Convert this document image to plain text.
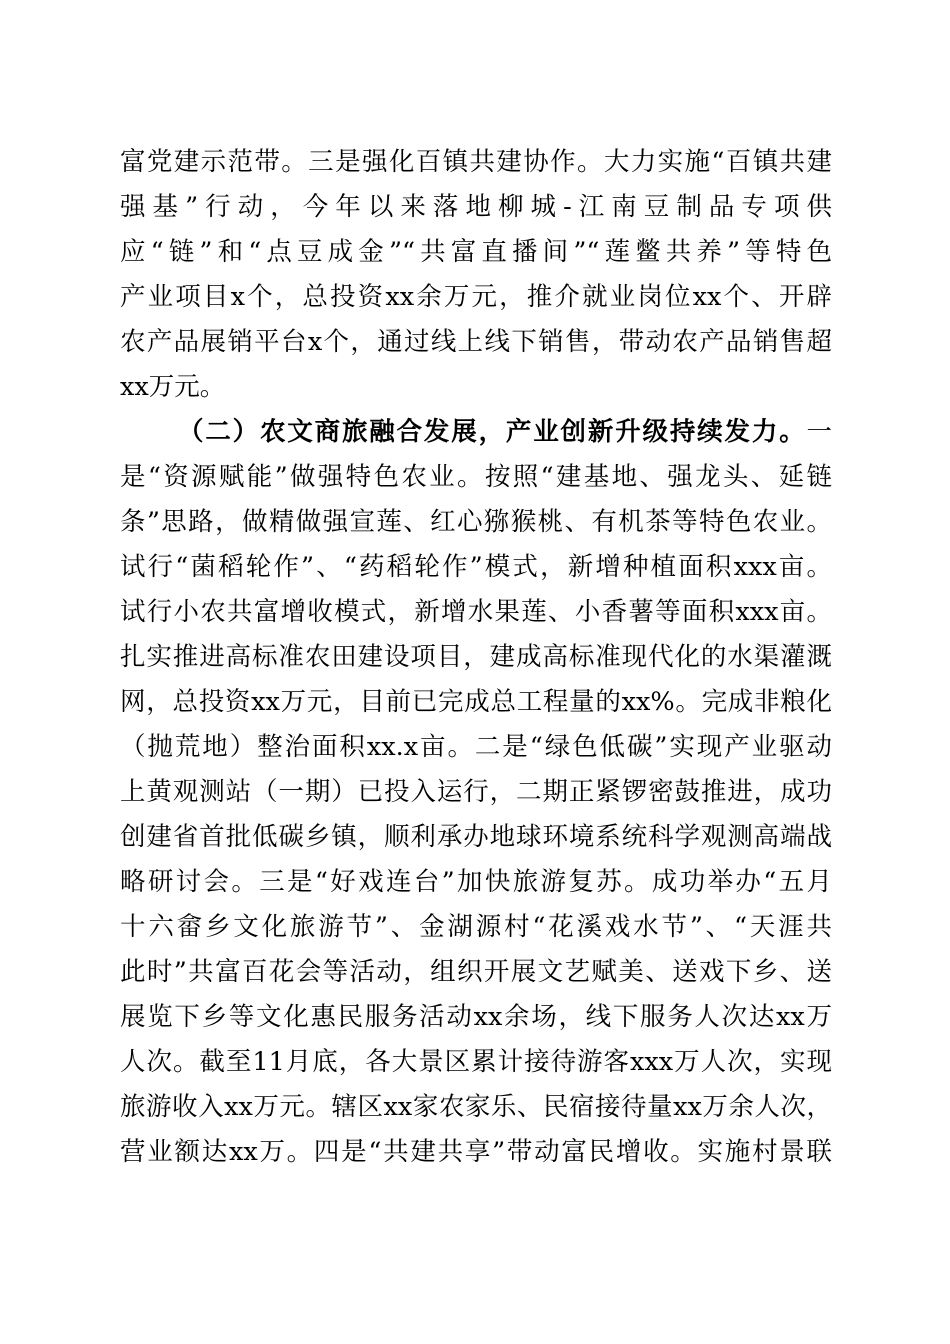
富党建示范带。三是强化百镇共建协作。大力实施“百镇共建
强基”行动，今年以来落地柳城-江南豆制品专项供
应“链”和“点豆成金”“共富直播间”“莲鳖共养”等特色
产业项目x个，总投资xx余万元，推介就业岗位xx个、开辟
农产品展销平台x个，通过线上线下销售，带动农产品销售超
xx万元。
（二）农文商旅融合发展，产业创新升级持续发力。一
是“资源赋能”做强特色农业。按照“建基地、强龙头、延链
条”思路，做精做强宣莲、红心猕猴桃、有机茶等特色农业。
试行“菌稻轮作”、“药稻轮作”模式，新增种植面积xxx亩。
试行小农共富增收模式，新增水果莲、小香薯等面积xxx亩。
扎实推进高标准农田建设项目，建成高标准现代化的水渠灌溉
网，总投资xx万元，目前已完成总工程量的xx%。完成非粮化
（抛荒地）整治面积xx.x亩。二是“绿色低碳”实现产业驱动
上黄观测站（一期）已投入运行，二期正紧锣密鼓推进，成功
创建省首批低碳乡镇，顺利承办地球环境系统科学观测高端战
略研讨会。三是“好戏连台”加快旅游复苏。成功举办“五月
十六畲乡文化旅游节”、金湖源村“花溪戏水节”、“天涯共
此时”共富百花会等活动，组织开展文艺赋美、送戏下乡、送
展览下乡等文化惠民服务活动xx余场，线下服务人次达xx万
人次。截至11月底，各大景区累计接待游客xxx万人次，实现
旅游收入xx万元。辖区xx家农家乐、民宿接待量xx万余人次，
营业额达xx万。四是“共建共享”带动富民增收。实施村景联
